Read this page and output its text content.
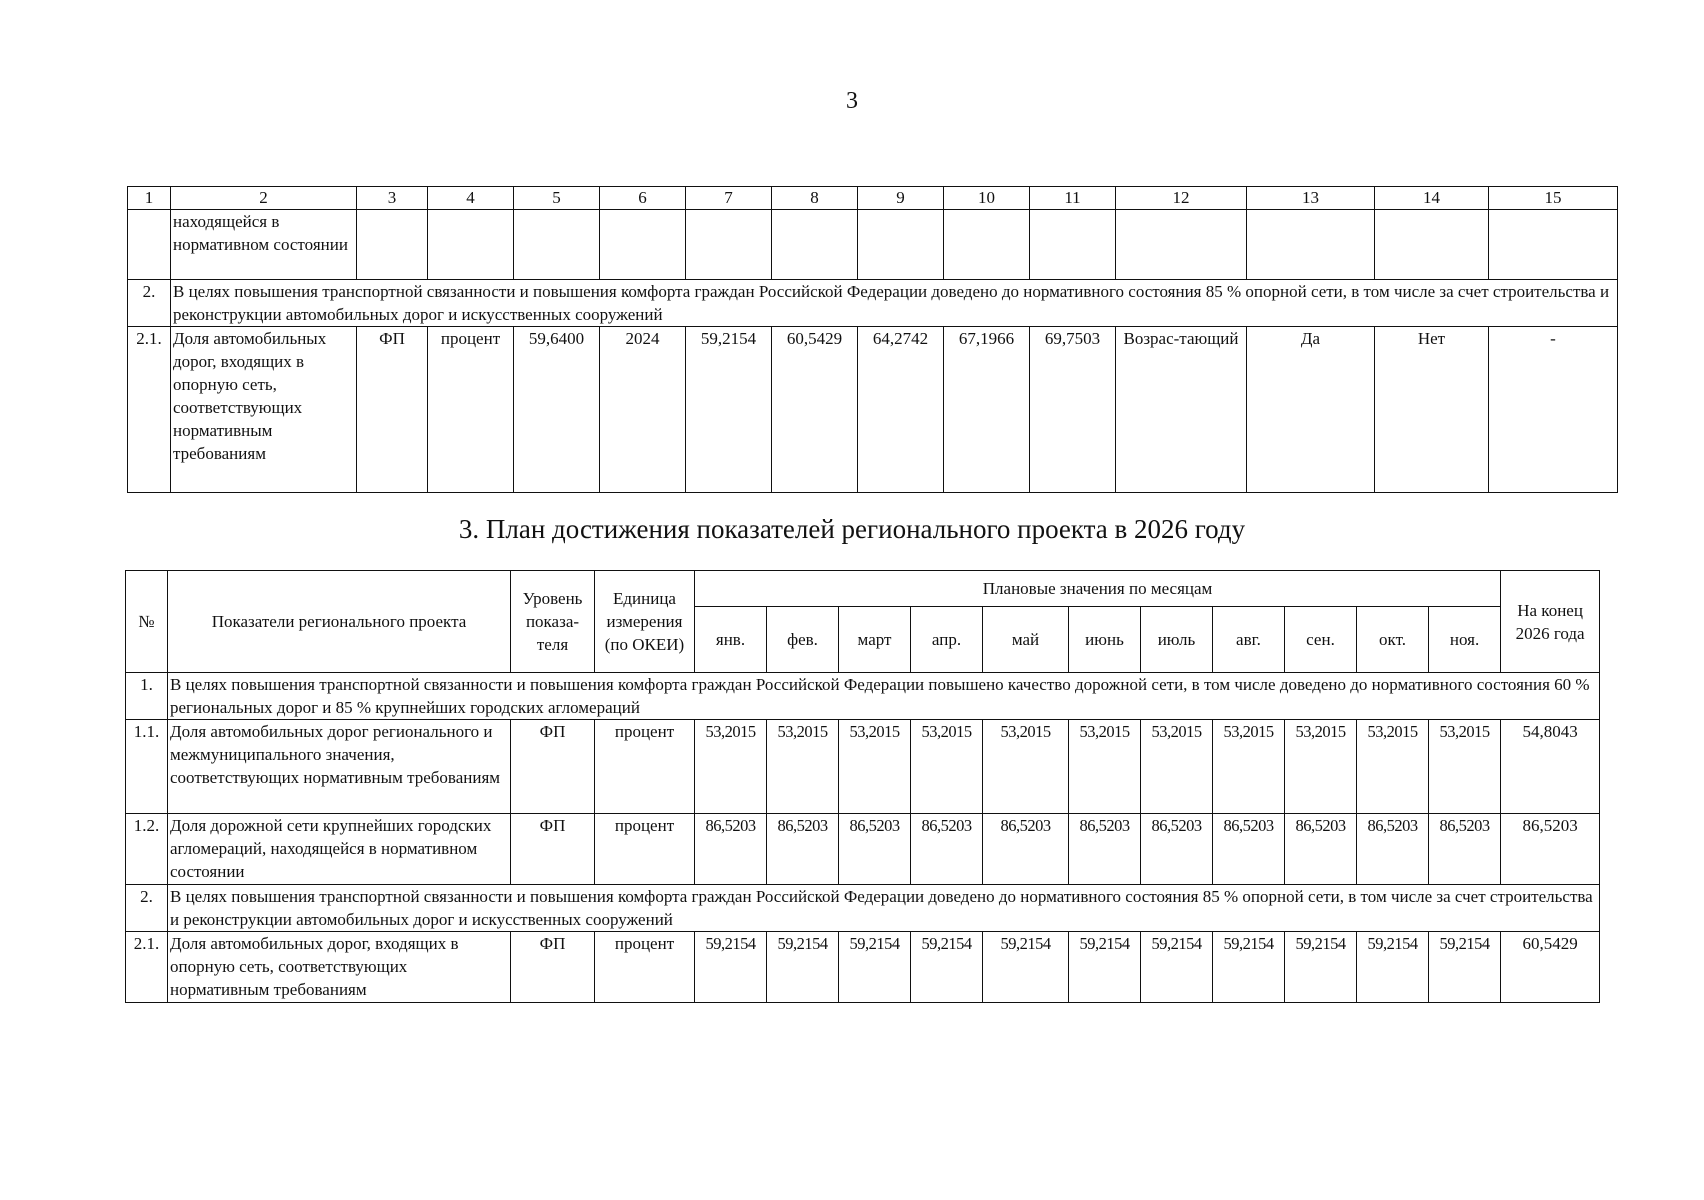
3
1	2	3	4	5	6	7	8	9	10	11	12	13	14	15
	находящейся в нормативном состоянии													
2.	В целях повышения транспортной связанности и повышения комфорта граждан Российской Федерации доведено до нормативного состояния 85 % опорной сети, в том числе за счет строительства и реконструкции автомобильных дорог и искусственных сооружений													
2.1.	Доля автомобильных дорог, входящих в опорную сеть, соответствующих нормативным требованиям	ФП	процент	59,6400	2024	59,2154	60,5429	64,2742	67,1966	69,7503	Возрас-тающий	Да	Нет	-
3. План достижения показателей регионального проекта в 2026 году
№	Показатели регионального проекта	Уровень показа-теля	Единица измерения (по ОКЕИ)	Плановые значения по месяцам											На конец 2026 года
				янв.	фев.	март	апр.	май	июнь	июль	авг.	сен.	окт.	ноя.	
1.	В целях повышения транспортной связанности и повышения комфорта граждан Российской Федерации повышено качество дорожной сети, в том числе доведено до нормативного состояния 60 % региональных дорог и 85 % крупнейших городских агломераций														
1.1.	Доля автомобильных дорог регионального и межмуниципального значения, соответствующих нормативным требованиям	ФП	процент	53,2015	53,2015	53,2015	53,2015	53,2015	53,2015	53,2015	53,2015	53,2015	53,2015	53,2015	54,8043
1.2.	Доля дорожной сети крупнейших городских агломераций, находящейся в нормативном состоянии	ФП	процент	86,5203	86,5203	86,5203	86,5203	86,5203	86,5203	86,5203	86,5203	86,5203	86,5203	86,5203	86,5203
2.	В целях повышения транспортной связанности и повышения комфорта граждан Российской Федерации доведено до нормативного состояния 85 % опорной сети, в том числе за счет строительства и реконструкции автомобильных дорог и искусственных сооружений														
2.1.	Доля автомобильных дорог, входящих в опорную сеть, соответствующих нормативным требованиям	ФП	процент	59,2154	59,2154	59,2154	59,2154	59,2154	59,2154	59,2154	59,2154	59,2154	59,2154	59,2154	60,5429
